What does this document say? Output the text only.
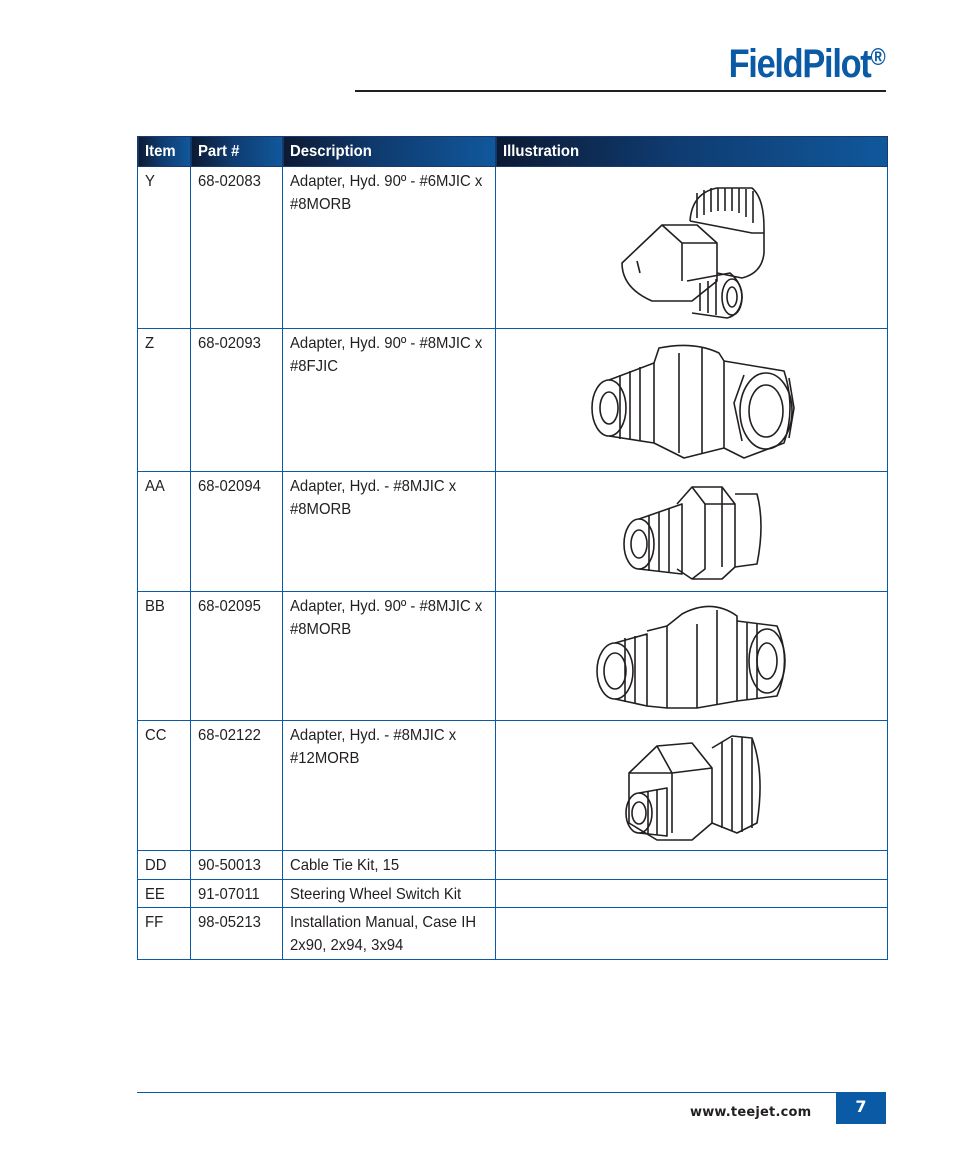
FieldPilot®
Item	Part #	Description	Illustration
Y	68-02083	Adapter, Hyd. 90º - #6MJIC x #8MORB	

Z	68-02093	Adapter, Hyd. 90º - #8MJIC x #8FJIC	

AA	68-02094	Adapter, Hyd. - #8MJIC x #8MORB	

BB	68-02095	Adapter, Hyd. 90º - #8MJIC x #8MORB	

CC	68-02122	Adapter, Hyd. - #8MJIC x #12MORB	

DD	90-50013	Cable Tie Kit, 15	
EE	91-07011	Steering Wheel Switch Kit	
FF	98-05213	Installation Manual, Case IH 2x90, 2x94, 3x94	
www.teejet.com	7
